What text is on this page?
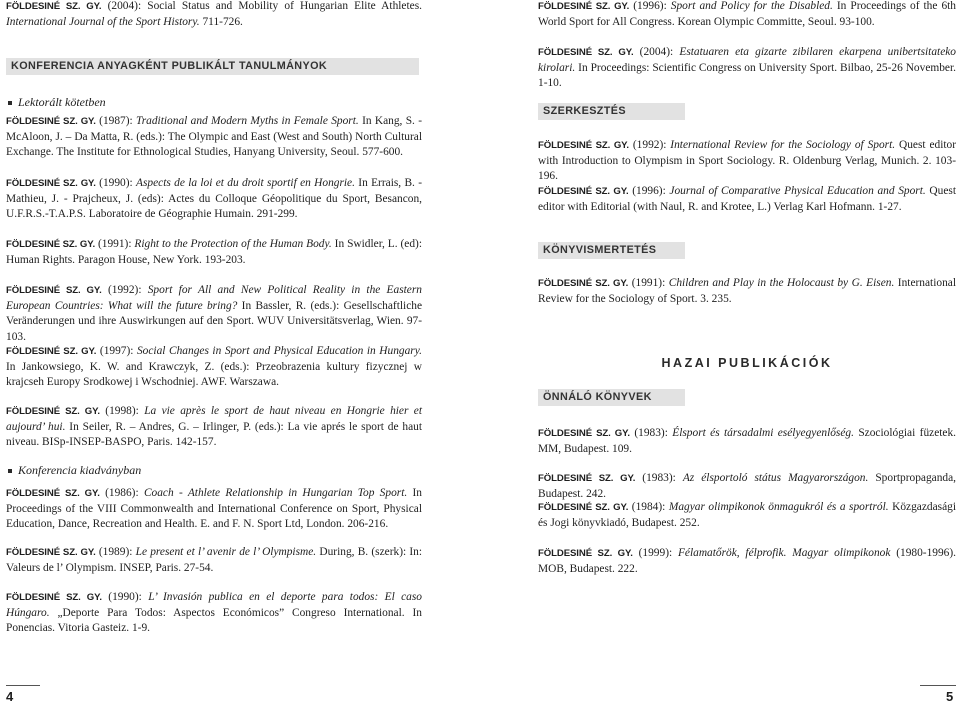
FÖLDESINÉ SZ. GY. (2004): Social Status and Mobility of Hungarian Elite Athletes. International Journal of the Sport History. 711-726.

KONFERENCIA ANYAGKÉNT PUBLIKÁLT TANULMÁNYOK

Lektorált kötetben

FÖLDESINÉ SZ. GY. (1987): Traditional and Modern Myths in Female Sport. In Kang, S. - McAloon, J. – Da Matta, R. (eds.): The Olympic and East (West and South) North Cultural Exchange. The Institute for Ethnological Studies, Hanyang University, Seoul. 577-600.

FÖLDESINÉ SZ. GY. (1990): Aspects de la loi et du droit sportif en Hongrie. In Errais, B. - Mathieu, J. - Prajcheux, J. (eds): Actes du Colloque Géopolitique du Sport, Besancon, U.F.R.S.-T.A.P.S. Laboratoire de Géographie Humain. 291-299.

FÖLDESINÉ SZ. GY. (1991): Right to the Protection of the Human Body. In Swidler, L. (ed): Human Rights. Paragon House, New York. 193-203.

FÖLDESINÉ SZ. GY. (1992): Sport for All and New Political Reality in the Eastern European Countries: What will the future bring? In Bassler, R. (eds.): Gesellschaftliche Veränderungen und ihre Auswirkungen auf den Sport. WUV Universitätsverlag, Wien. 97-103.

FÖLDESINÉ SZ. GY. (1997): Social Changes in Sport and Physical Education in Hungary. In Jankowsiego, K. W. and Krawczyk, Z. (eds.): Przeobrazenia kultury fizycznej w krajcseh Europy Srodkowej i Wschodniej. AWF. Warszawa.

FÖLDESINÉ SZ. GY. (1998): La vie après le sport de haut niveau en Hongrie hier et aujourd’ hui. In Seiler, R. – Andres, G. – Irlinger, P. (eds.): La vie aprés le sport de haut niveau. BISp-INSEP-BASPO, Paris. 142-157.

Konferencia kiadványban

FÖLDESINÉ SZ. GY. (1986): Coach - Athlete Relationship in Hungarian Top Sport. In Proceedings of the VIII Commonwealth and International Conference on Sport, Physical Education, Dance, Recreation and Health. E. and F. N. Sport Ltd, London. 206-216.

FÖLDESINÉ SZ. GY. (1989): Le present et l’ avenir de l’ Olympisme. During, B. (szerk): In: Valeurs de l’ Olympism. INSEP, Paris. 27-54.

FÖLDESINÉ SZ. GY. (1990): L’ Invasión publica en el deporte para todos: El caso Húngaro. „Deporte Para Todos: Aspectos Económicos” Congreso International. In Ponencias. Vitoria Gasteiz. 1-9.

4

FÖLDESINÉ SZ. GY. (1996): Sport and Policy for the Disabled. In Proceedings of the 6th World Sport for All Congress. Korean Olympic Committe, Seoul. 93-100.

FÖLDESINÉ SZ. GY. (2004): Estatuaren eta gizarte zibilaren ekarpena unibertsitateko kirolari. In Proceedings: Scientific Congress on University Sport. Bilbao, 25-26 November. 1-10.

SZERKESZTÉS

FÖLDESINÉ SZ. GY. (1992): International Review for the Sociology of Sport. Quest editor with Introduction to Olympism in Sport Sociology. R. Oldenburg Verlag, Munich. 2. 103-196.

FÖLDESINÉ SZ. GY. (1996): Journal of Comparative Physical Education and Sport. Quest editor with Editorial (with Naul, R. and Krotee, L.) Verlag Karl Hofmann. 1-27.

KÖNYVISMERTETÉS

FÖLDESINÉ SZ. GY. (1991): Children and Play in the Holocaust by G. Eisen. International Review for the Sociology of Sport. 3. 235.

HAZAI PUBLIKÁCIÓK
ÖNNÁLÓ KÖNYVEK

FÖLDESINÉ SZ. GY. (1983): Élsport és társadalmi esélyegyenlőség. Szociológiai füzetek. MM, Budapest. 109.

FÖLDESINÉ SZ. GY. (1983): Az élsportoló státus Magyarországon. Sportpropaganda, Budapest. 242.

FÖLDESINÉ SZ. GY. (1984): Magyar olimpikonok önmagukról és a sportról. Közgazdasági és Jogi könyvkiadó, Budapest. 252.

FÖLDESINÉ SZ. GY. (1999): Félamatőrök, félprofik. Magyar olimpikonok (1980-1996). MOB, Budapest. 222.

5
